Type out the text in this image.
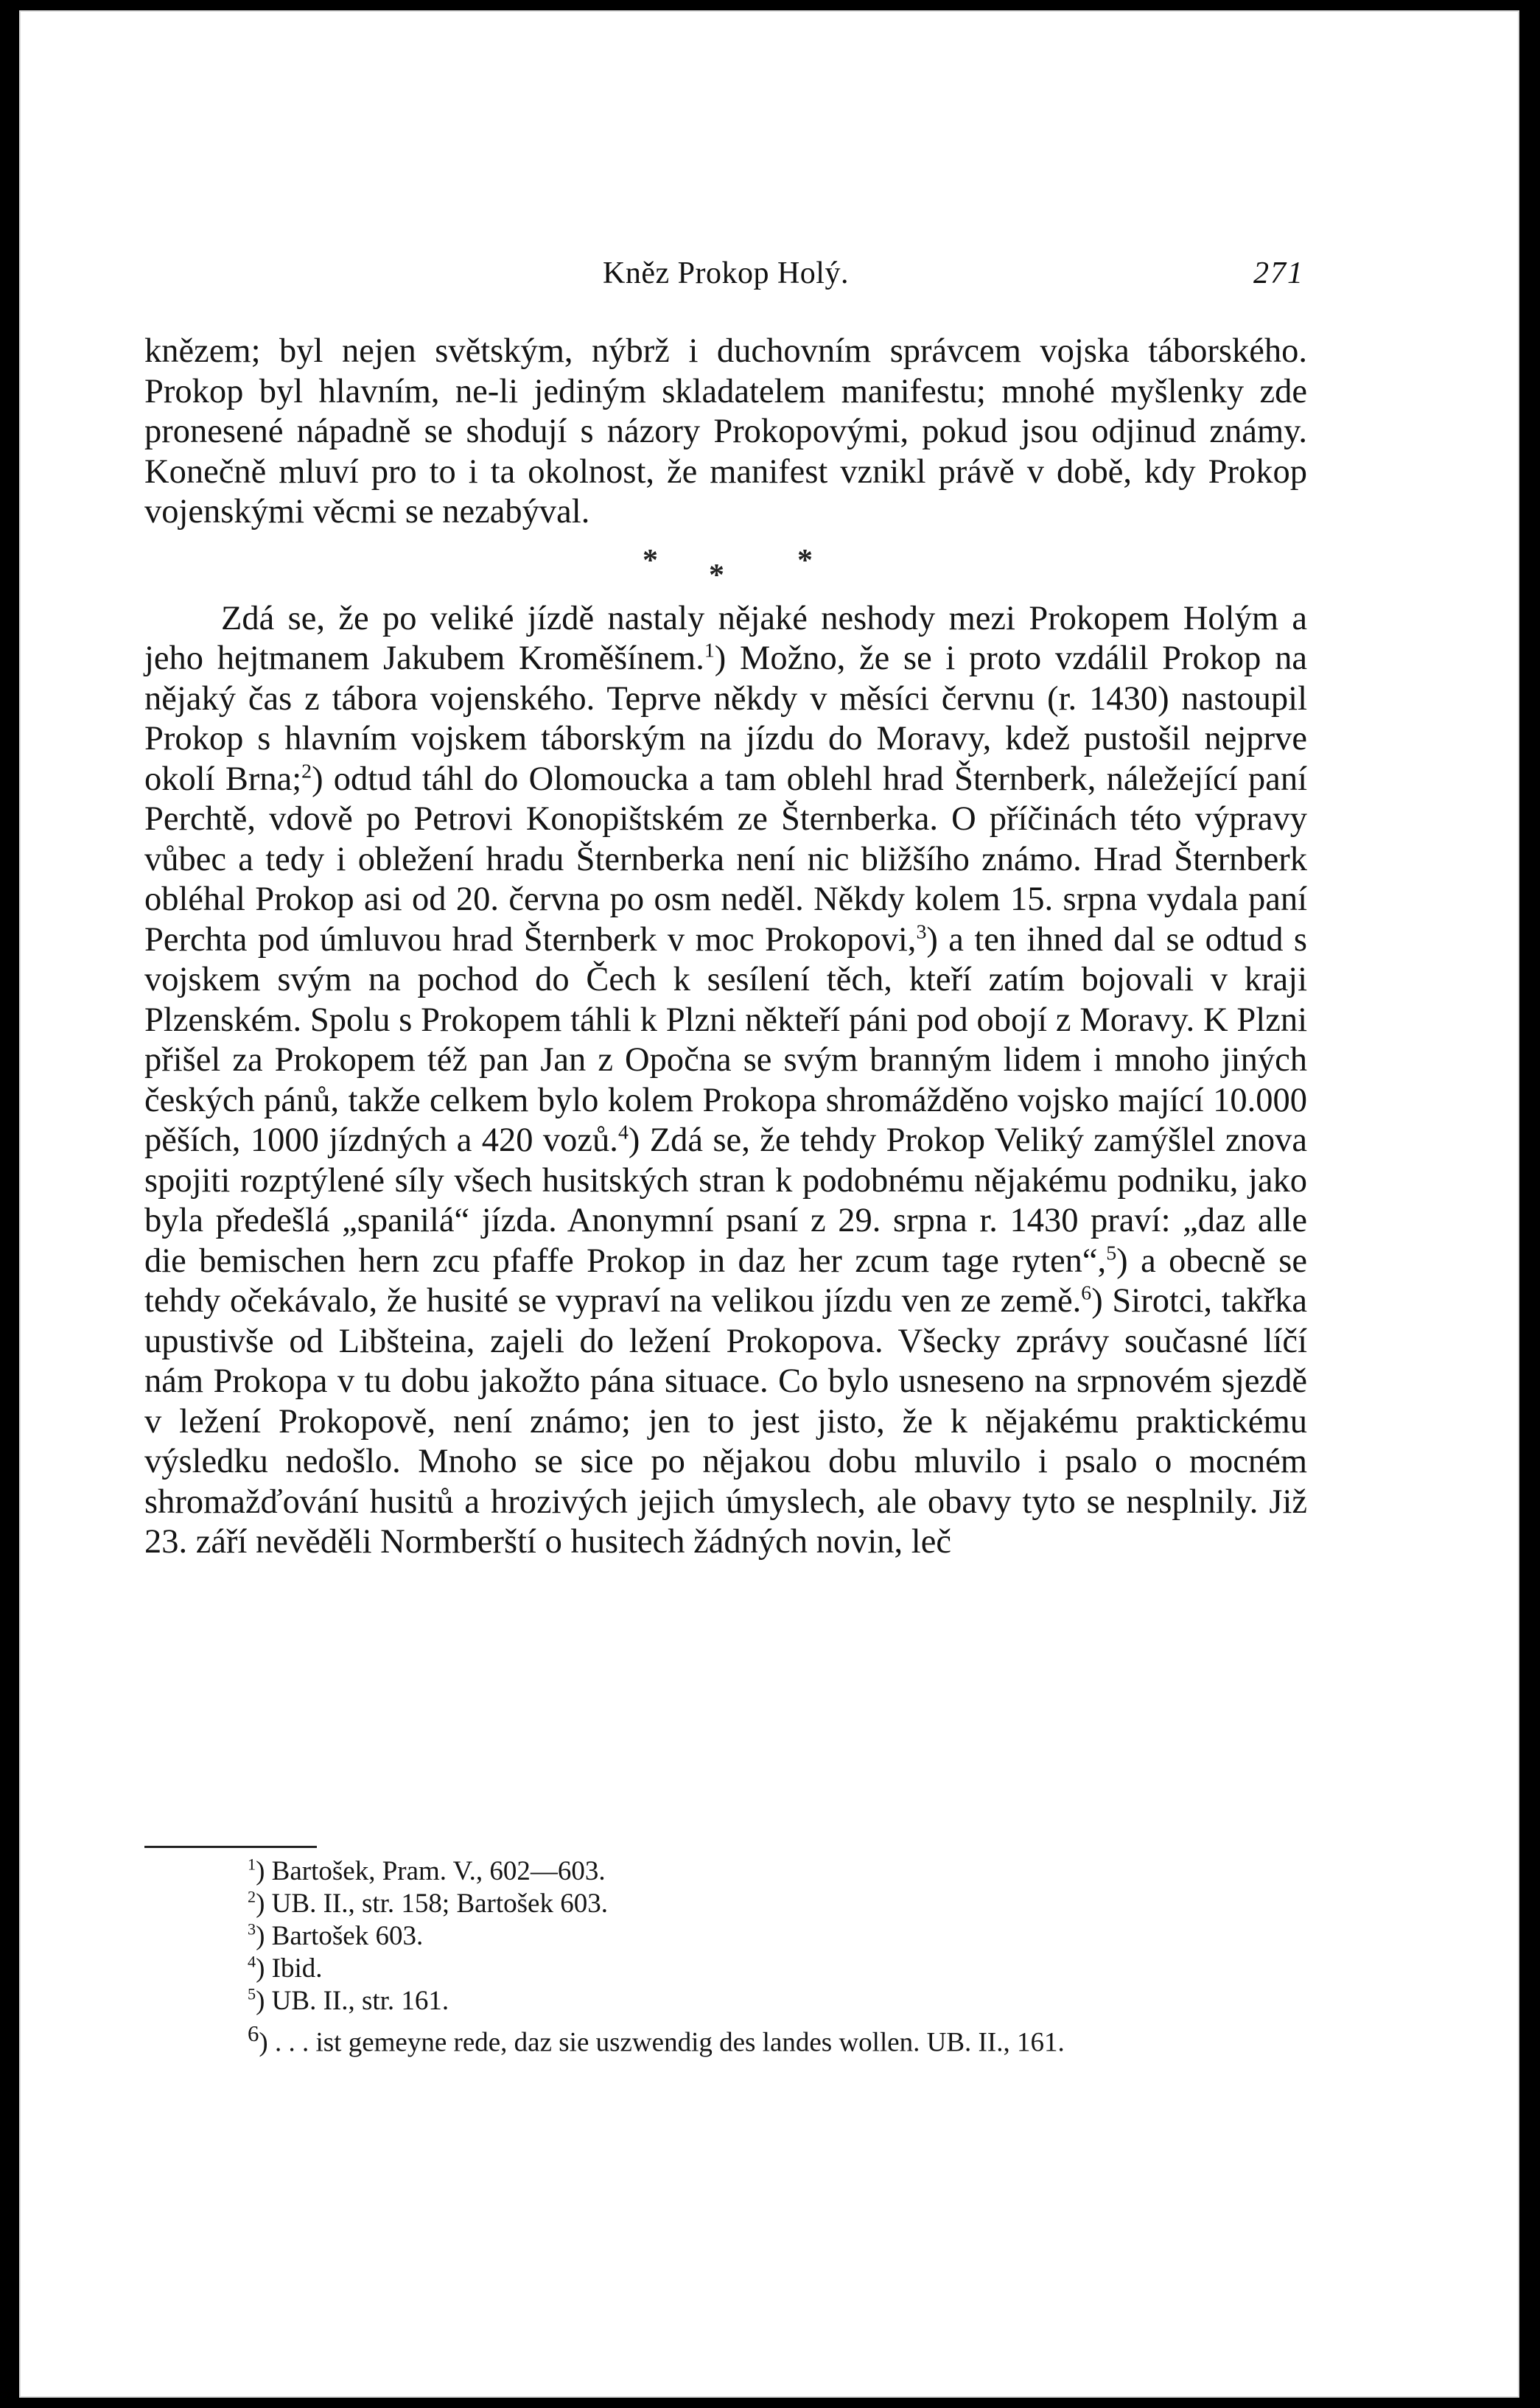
Kněz Prokop Holý.	271

knězem; byl nejen světským, nýbrž i duchovním správcem vojska táborského. Prokop byl hlavním, ne-li jediným skladatelem manifestu; mnohé myšlenky zde pronesené nápadně se shodují s názory Prokopovými, pokud jsou odjinud známy. Konečně mluví pro to i ta okolnost, že manifest vznikl právě v době, kdy Prokop vojenskými věcmi se nezabýval.

* * *

Zdá se, že po veliké jízdě nastaly nějaké neshody mezi Prokopem Holým a jeho hejtmanem Jakubem Kroměšínem.$^1$) Možno, že se i proto vzdálil Prokop na nějaký čas z tábora vojenského. Teprve někdy v měsíci červnu (r. 1430) nastoupil Prokop s hlavním vojskem táborským na jízdu do Moravy, kdež pustošil nejprve okolí Brna;$^2$) odtud táhl do Olomoucka a tam oblehl hrad Šternberk, náležející paní Perchtě, vdově po Petrovi Konopištském ze Šternberka. O příčinách této výpravy vůbec a tedy i obležení hradu Šternberka není nic bližšího známo. Hrad Šternberk obléhal Prokop asi od 20. června po osm neděl. Někdy kolem 15. srpna vydala paní Perchta pod úmluvou hrad Šternberk v moc Prokopovi,$^3$) a ten ihned dal se odtud s vojskem svým na pochod do Čech k sesílení těch, kteří zatím bojovali v kraji Plzenském. Spolu s Prokopem táhli k Plzni někteří páni pod obojí z Moravy. K Plzni přišel za Prokopem též pan Jan z Opočna se svým branným lidem i mnoho jiných českých pánů, takže celkem bylo kolem Prokopa shromážděno vojsko mající 10.000 pěších, 1000 jízdných a 420 vozů.$^4$) Zdá se, že tehdy Prokop Veliký zamýšlel znova spojiti rozptýlené síly všech husitských stran k podobnému nějakému podniku, jako byla předešlá „spanilá“ jízda. Anonymní psaní z 29. srpna r. 1430 praví: „daz alle die bemischen hern zcu pfaffe Prokop in daz her zcum tage ryten“,$^5$) a obecně se tehdy očekávalo, že husité se vypraví na velikou jízdu ven ze země.$^6$) Sirotci, takřka upustivše od Libšteina, zajeli do ležení Prokopova. Všecky zprávy současné líčí nám Prokopa v tu dobu jakožto pána situace. Co bylo usneseno na srpnovém sjezdě v ležení Prokopově, není známo; jen to jest jisto, že k nějakému praktickému výsledku nedošlo. Mnoho se sice po nějakou dobu mluvilo i psalo o mocném shromažďování husitů a hrozivých jejich úmyslech, ale obavy tyto se nesplnily. Již 23. září nevěděli Normberští o husitech žádných novin, leč

$^1$) Bartošek, Pram. V., 602—603.
$^2$) UB. II., str. 158; Bartošek 603.
$^3$) Bartošek 603.
$^4$) Ibid.
$^5$) UB. II., str. 161.
$^6$) . . . ist gemeyne rede, daz sie uszwendig des landes wollen. UB. II., 161.
